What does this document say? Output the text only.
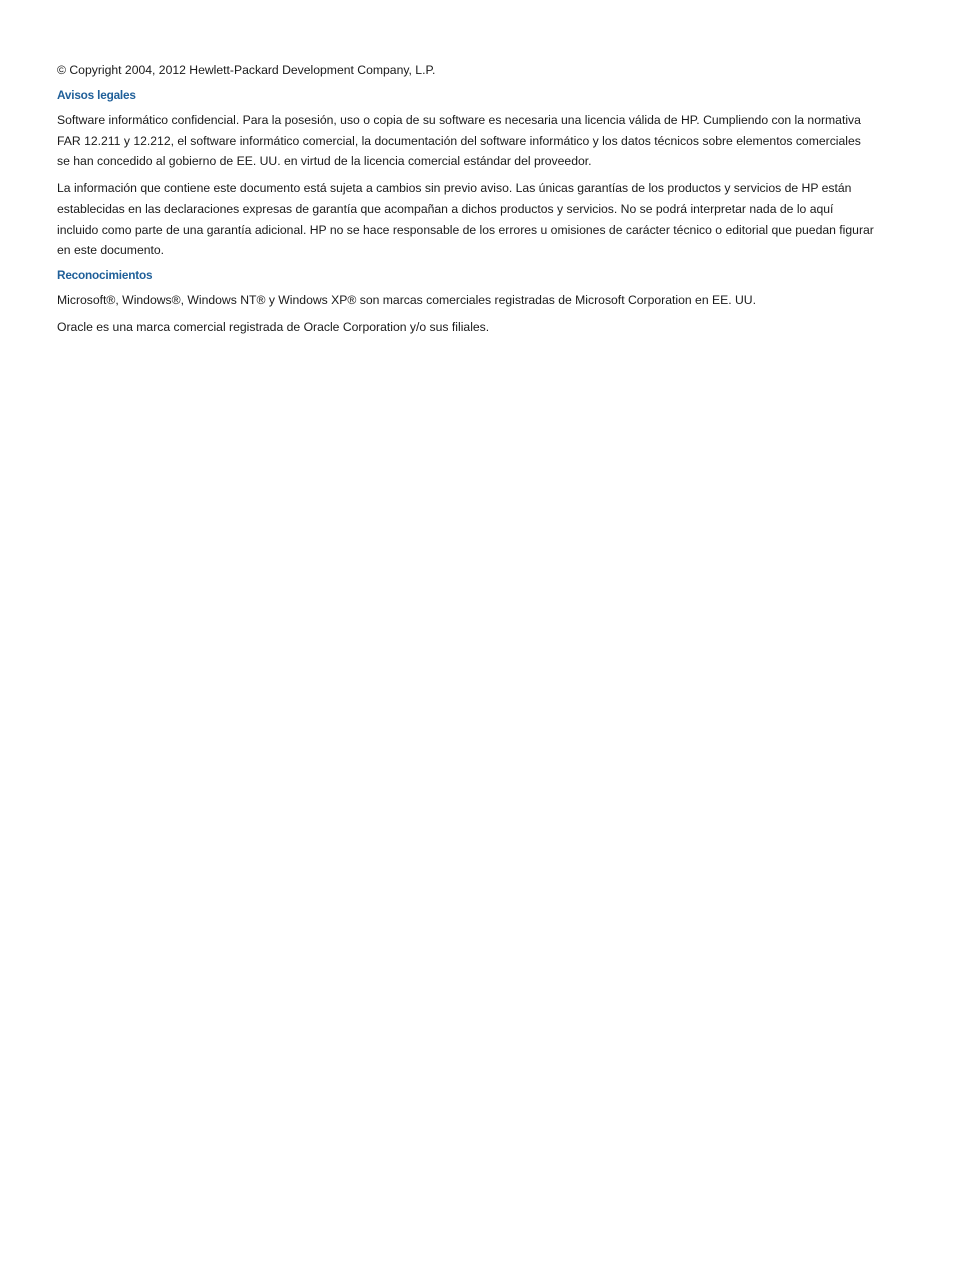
© Copyright 2004, 2012 Hewlett-Packard Development Company, L.P.

Avisos legales

Software informático confidencial. Para la posesión, uso o copia de su software es necesaria una licencia válida de HP. Cumpliendo con la normativa FAR 12.211 y 12.212, el software informático comercial, la documentación del software informático y los datos técnicos sobre elementos comerciales se han concedido al gobierno de EE. UU. en virtud de la licencia comercial estándar del proveedor.

La información que contiene este documento está sujeta a cambios sin previo aviso. Las únicas garantías de los productos y servicios de HP están establecidas en las declaraciones expresas de garantía que acompañan a dichos productos y servicios. No se podrá interpretar nada de lo aquí incluido como parte de una garantía adicional. HP no se hace responsable de los errores u omisiones de carácter técnico o editorial que puedan figurar en este documento.

Reconocimientos

Microsoft®, Windows®, Windows NT® y Windows XP® son marcas comerciales registradas de Microsoft Corporation en EE. UU.

Oracle es una marca comercial registrada de Oracle Corporation y/o sus filiales.
